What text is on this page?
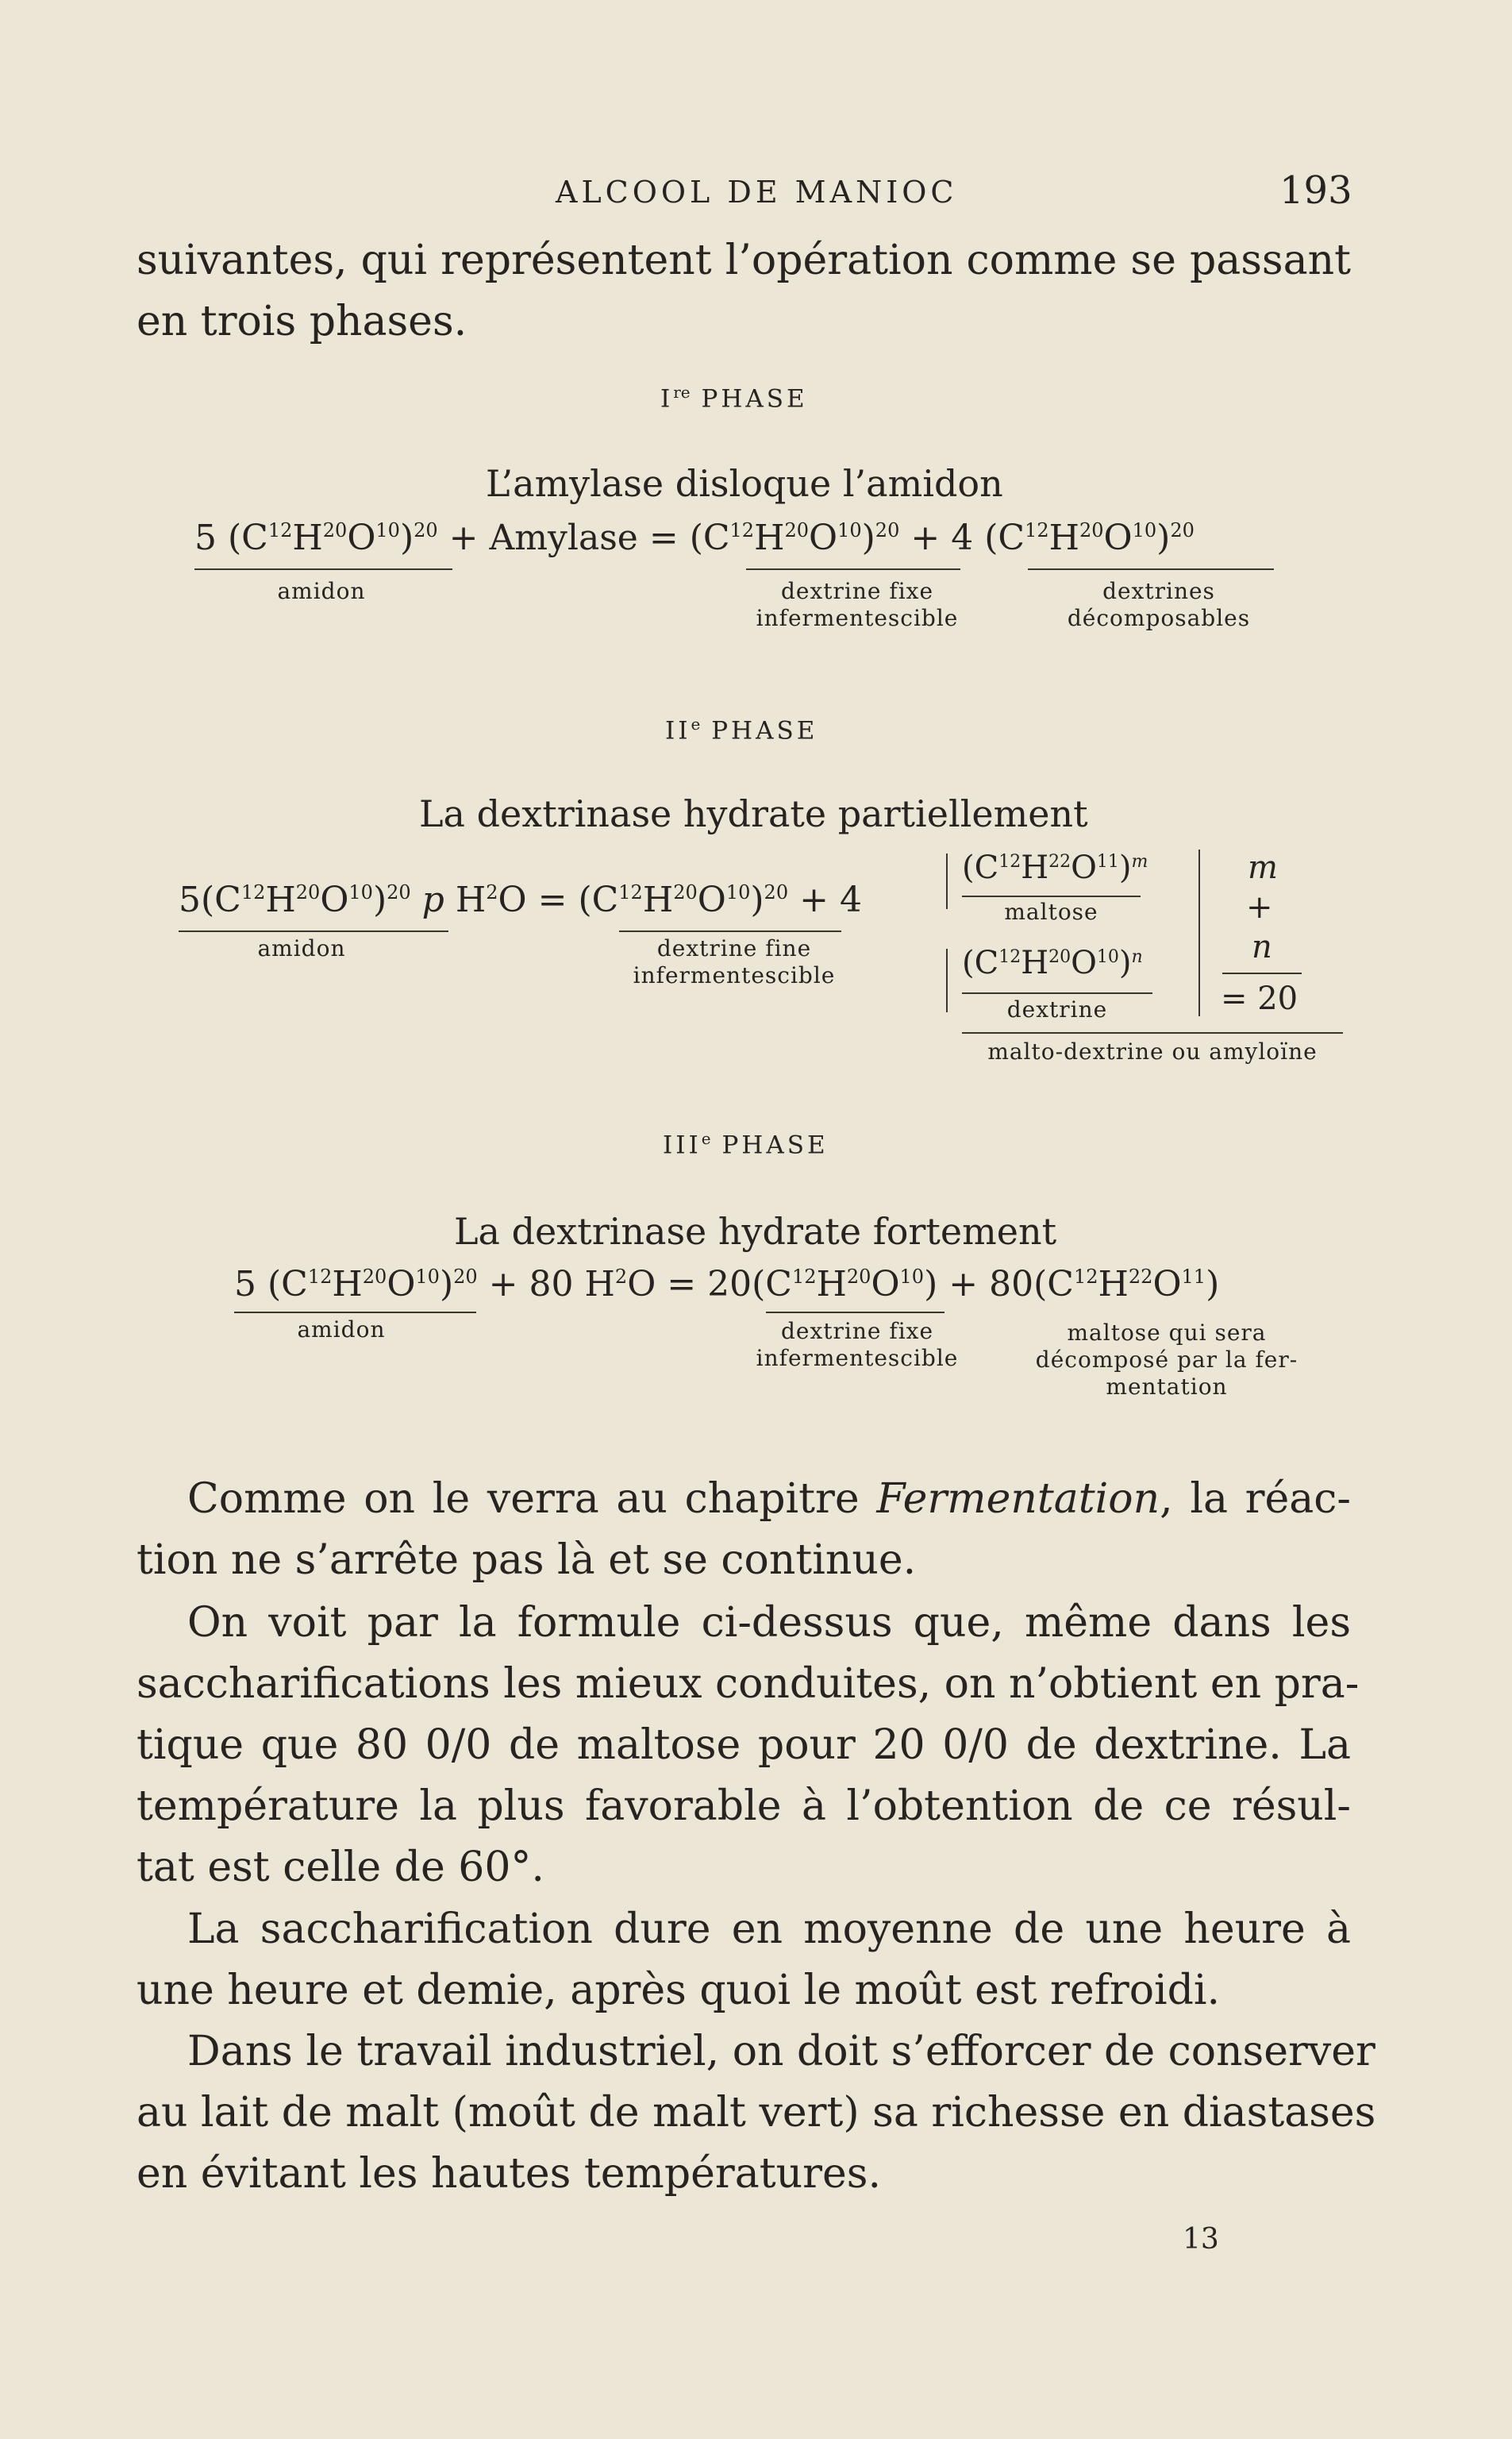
ALCOOL DE MANIOC	193
suivantes, qui représentent l’opération comme se passant
en trois phases.
Ire PHASE
L’amylase disloque l’amidon
5 $(C^{12}H^{20}O^{10})^{20}$ + Amylase = $(C^{12}H^{20}O^{10})^{20} + 4$ $(C^{12}H^{20}O^{10})^{20}$
amidon	dextrine fixe
infermentescible
dextrines
décomposables
IIe PHASE
La dextrinase hydrate partiellement
$5(C^{12}H^{20}O^{10})^{20}$ p $H^2O = (C^{12}H^{20}O^{10})^{20} + 4$
amidon	dextrine fine
infermentescible
$(C^{12}H^{22}O^{11})^m$
maltose
$(C^{12}H^{20}O^{10})^n$
dextrine
m
+
n
= 20
malto-dextrine ou amyloïne
IIIe PHASE
La dextrinase hydrate fortement
5 $(C^{12}H^{20}O^{10})^{20} + 80$ $H^2O = 20(C^{12}H^{20}O^{10}) + 80(C^{12}H^{22}O^{11})$
amidon	dextrine fixe
infermentescible
maltose qui sera
décomposé par la fer-
mentation
Comme on le verra au chapitre Fermentation, la réac-
tion ne s’arrête pas là et se continue.
On voit par la formule ci-dessus que, même dans les
saccharifications les mieux conduites, on n’obtient en pra-
tique que 80 0/0 de maltose pour 20 0/0 de dextrine. La
température la plus favorable à l’obtention de ce résul-
tat est celle de 60°.
La saccharification dure en moyenne de une heure à
une heure et demie, après quoi le moût est refroidi.
Dans le travail industriel, on doit s’efforcer de conserver
au lait de malt (moût de malt vert) sa richesse en diastases
en évitant les hautes températures.
13
